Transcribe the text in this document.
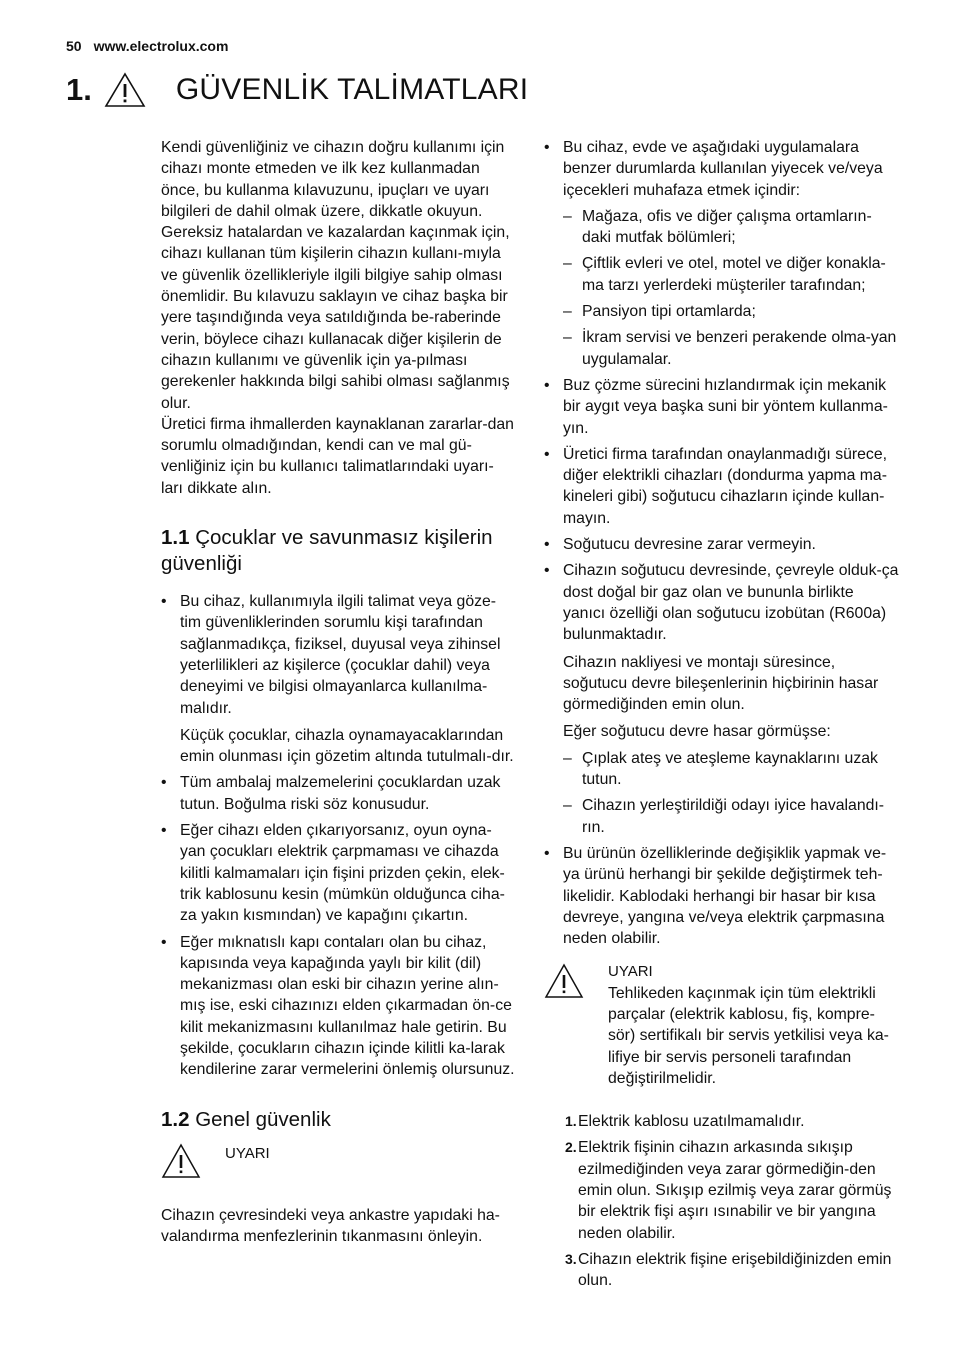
50 www.electrolux.com
1.	GÜVENLİK TALİMATLARI

Kendi güvenliğiniz ve cihazın doğru kullanımı için cihazı monte etmeden ve ilk kez kullanmadan önce, bu kullanma kılavuzunu, ipuçları ve uyarı bilgileri de dahil olmak üzere, dikkatle okuyun. Gereksiz hatalardan ve kazalardan kaçınmak için, cihazı kullanan tüm kişilerin cihazın kullanı-mıyla ve güvenlik özellikleriyle ilgili bilgiye sahip olması önemlidir. Bu kılavuzu saklayın ve cihaz başka bir yere taşındığında veya satıldığında be-raberinde verin, böylece cihazı kullanacak diğer kişilerin de cihazın kullanımı ve güvenlik için ya-pılması gerekenler hakkında bilgi sahibi olması sağlanmış olur.

Üretici firma ihmallerden kaynaklanan zararlar-dan sorumlu olmadığından, kendi can ve mal gü-venliğiniz için bu kullanıcı talimatlarındaki uyarı-ları dikkate alın.

1.1 Çocuklar ve savunmasız kişilerin güvenliği
• Bu cihaz, kullanımıyla ilgili talimat veya göze-tim güvenliklerinden sorumlu kişi tarafından sağlanmadıkça, fiziksel, duyusal veya zihinsel yeterlilikleri az kişilerce (çocuklar dahil) veya deneyimi ve bilgisi olmayanlarca kullanılma-malıdır.

Küçük çocuklar, cihazla oynamayacaklarından emin olunması için gözetim altında tutulmalı-dır.

• Tüm ambalaj malzemelerini çocuklardan uzak tutun. Boğulma riski söz konusudur.
• Eğer cihazı elden çıkarıyorsanız, oyun oyna-yan çocukları elektrik çarpmaması ve cihazda kilitli kalmamaları için fişini prizden çekin, elek-trik kablosunu kesin (mümkün olduğunca ciha-za yakın kısmından) ve kapağını çıkartın.
• Eğer mıknatıslı kapı contaları olan bu cihaz, kapısında veya kapağında yaylı bir kilit (dil) mekanizması olan eski bir cihazın yerine alın-mış ise, eski cihazınızı elden çıkarmadan ön-ce kilit mekanizmasını kullanılmaz hale getirin. Bu şekilde, çocukların cihazın içinde kilitli ka-larak kendilerine zarar vermelerini önlemiş olursunuz.
1.2 Genel güvenlik
UYARI

Cihazın çevresindeki veya ankastre yapıdaki ha-valandırma menfezlerinin tıkanmasını önleyin.

• Bu cihaz, evde ve aşağıdaki uygulamalara benzer durumlarda kullanılan yiyecek ve/veya içecekleri muhafaza etmek içindir:
– Mağaza, ofis ve diğer çalışma ortamların-daki mutfak bölümleri;
– Çiftlik evleri ve otel, motel ve diğer konakla-ma tarzı yerlerdeki müşteriler tarafından;
– Pansiyon tipi ortamlarda;
– İkram servisi ve benzeri perakende olma-yan uygulamalar.
• Buz çözme sürecini hızlandırmak için mekanik bir aygıt veya başka suni bir yöntem kullanma-yın.
• Üretici firma tarafından onaylanmadığı sürece, diğer elektrikli cihazları (dondurma yapma ma-kineleri gibi) soğutucu cihazların içinde kullan-mayın.
• Soğutucu devresine zarar vermeyin.
• Cihazın soğutucu devresinde, çevreyle olduk-ça dost doğal bir gaz olan ve bununla birlikte yanıcı özelliği olan soğutucu izobütan (R600a) bulunmaktadır.

Cihazın nakliyesi ve montajı süresince, soğutucu devre bileşenlerinin hiçbirinin hasar görmediğinden emin olun.

Eğer soğutucu devre hasar görmüşse:

– Çıplak ateş ve ateşleme kaynaklarını uzak tutun.
– Cihazın yerleştirildiği odayı iyice havalandı-rın.
• Bu ürünün özelliklerinde değişiklik yapmak ve-ya ürünü herhangi bir şekilde değiştirmek teh-likelidir. Kablodaki herhangi bir hasar bir kısa devreye, yangına ve/veya elektrik çarpmasına neden olabilir.
UYARI
Tehlikeden kaçınmak için tüm elektrikli parçalar (elektrik kablosu, fiş, kompre-sör) sertifikalı bir servis yetkilisi veya ka-lifiye bir servis personeli tarafından değiştirilmelidir.
1. Elektrik kablosu uzatılmamalıdır.
2. Elektrik fişinin cihazın arkasında sıkışıp ezilmediğinden veya zarar görmediğin-den emin olun. Sıkışıp ezilmiş veya zarar görmüş bir elektrik fişi aşırı ısınabilir ve bir yangına neden olabilir.
3. Cihazın elektrik fişine erişebildiğinizden emin olun.
